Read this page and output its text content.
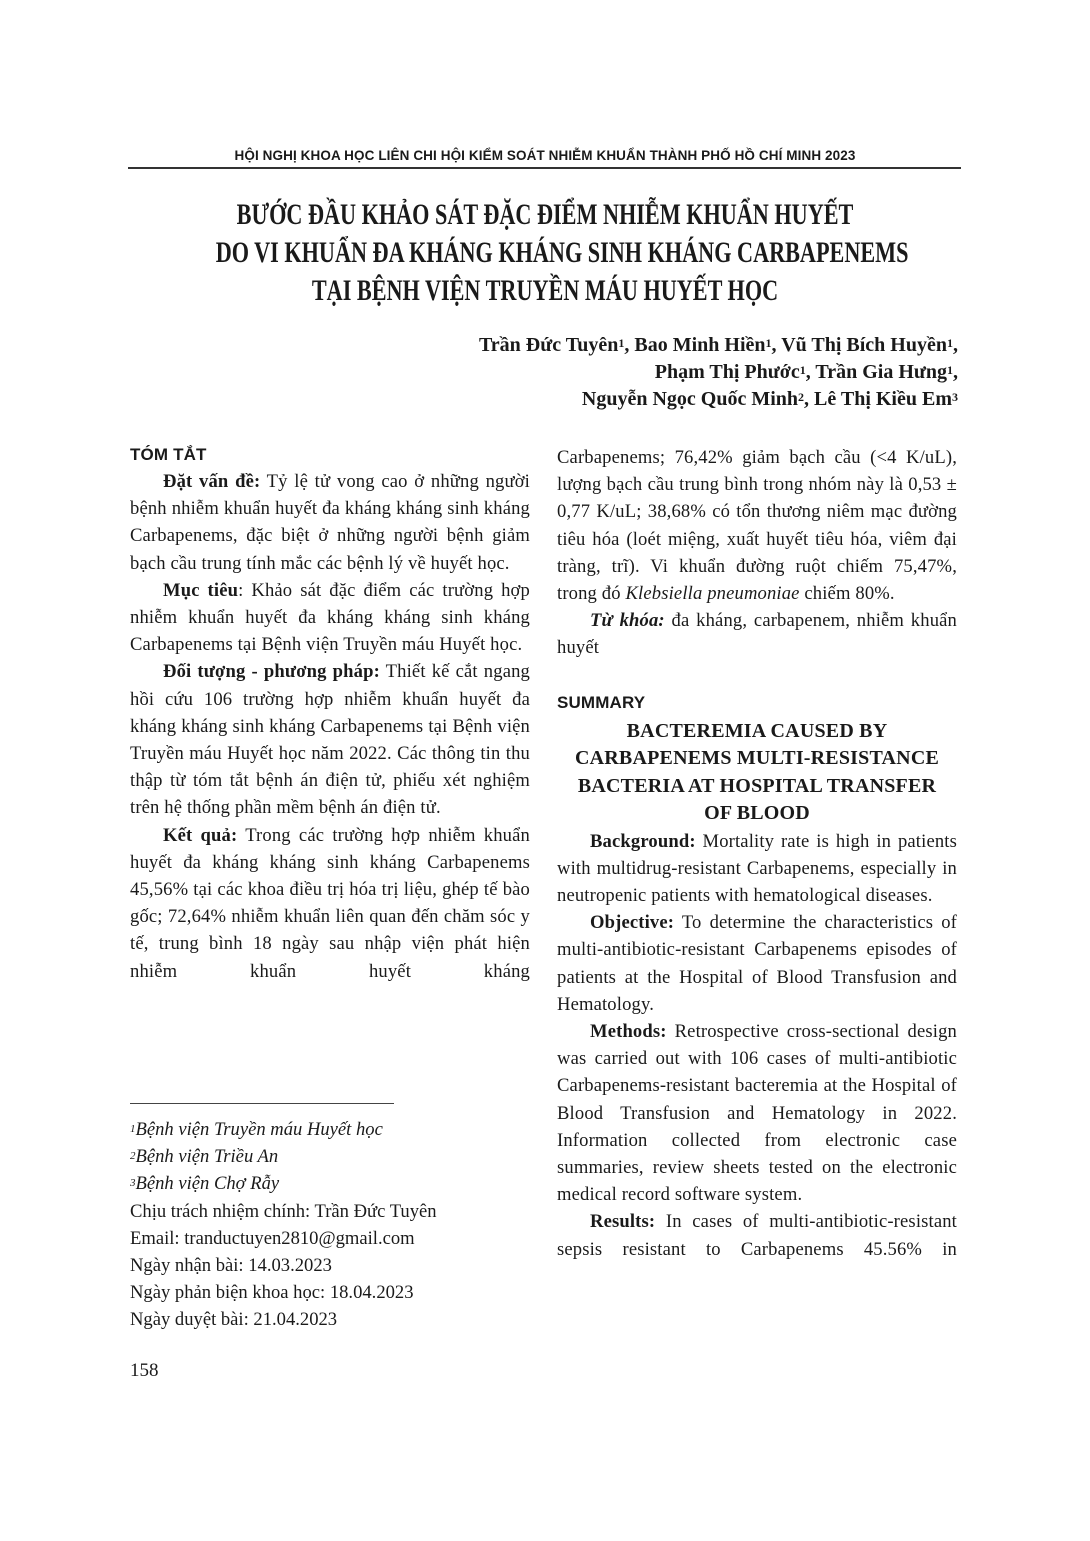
HỘI NGHỊ KHOA HỌC LIÊN CHI HỘI KIỂM SOÁT NHIỄM KHUẨN THÀNH PHỐ HỒ CHÍ MINH 2023
BƯỚC ĐẦU KHẢO SÁT ĐẶC ĐIỂM NHIỄM KHUẨN HUYẾT
DO VI KHUẨN ĐA KHÁNG KHÁNG SINH KHÁNG CARBAPENEMS
TẠI BỆNH VIỆN TRUYỀN MÁU HUYẾT HỌC
Trần Đức Tuyên$^1$, Bao Minh Hiền$^1$, Vũ Thị Bích Huyền$^1$,
Phạm Thị Phước$^1$, Trần Gia Hưng$^1$,
Nguyễn Ngọc Quốc Minh$^2$, Lê Thị Kiều Em$^3$

TÓM TẮT

Đặt vấn đề: Tỷ lệ tử vong cao ở những người bệnh nhiễm khuẩn huyết đa kháng kháng sinh kháng Carbapenems, đặc biệt ở những người bệnh giảm bạch cầu trung tính mắc các bệnh lý về huyết học.

Mục tiêu: Khảo sát đặc điểm các trường hợp nhiễm khuẩn huyết đa kháng kháng sinh kháng Carbapenems tại Bệnh viện Truyền máu Huyết học.

Đối tượng - phương pháp: Thiết kế cắt ngang hồi cứu 106 trường hợp nhiễm khuẩn huyết đa kháng kháng sinh kháng Carbapenems tại Bệnh viện Truyền máu Huyết học năm 2022. Các thông tin thu thập từ tóm tắt bệnh án điện tử, phiếu xét nghiệm trên hệ thống phần mềm bệnh án điện tử.

Kết quả: Trong các trường hợp nhiễm khuẩn huyết đa kháng kháng sinh kháng Carbapenems 45,56% tại các khoa điều trị hóa trị liệu, ghép tế bào gốc; 72,64% nhiễm khuẩn liên quan đến chăm sóc y tế, trung bình 18 ngày sau nhập viện phát hiện nhiễm khuẩn huyết kháng

Carbapenems; 76,42% giảm bạch cầu (<4 K/uL), lượng bạch cầu trung bình trong nhóm này là 0,53 ± 0,77 K/uL; 38,68% có tổn thương niêm mạc đường tiêu hóa (loét miệng, xuất huyết tiêu hóa, viêm đại tràng, trĩ). Vi khuẩn đường ruột chiếm 75,47%, trong đó Klebsiella pneumoniae chiếm 80%.

Từ khóa: đa kháng, carbapenem, nhiễm khuẩn huyết

SUMMARY

BACTEREMIA CAUSED BY
CARBAPENEMS MULTI-RESISTANCE
BACTERIA AT HOSPITAL TRANSFER
OF BLOOD

Background: Mortality rate is high in patients with multidrug-resistant Carbapenems, especially in neutropenic patients with hematological diseases.

Objective: To determine the characteristics of multi-antibiotic-resistant Carbapenems episodes of patients at the Hospital of Blood Transfusion and Hematology.

Methods: Retrospective cross-sectional design was carried out with 106 cases of multi-antibiotic Carbapenems-resistant bacteremia at the Hospital of Blood Transfusion and Hematology in 2022. Information collected from electronic case summaries, review sheets tested on the electronic medical record software system.

Results: In cases of multi-antibiotic-resistant sepsis resistant to Carbapenems 45.56% in

$^1$Bệnh viện Truyền máu Huyết học
$^2$Bệnh viện Triều An
$^3$Bệnh viện Chợ Rẫy
Chịu trách nhiệm chính: Trần Đức Tuyên
Email: tranductuyen2810@gmail.com
Ngày nhận bài: 14.03.2023
Ngày phản biện khoa học: 18.04.2023
Ngày duyệt bài: 21.04.2023
158
